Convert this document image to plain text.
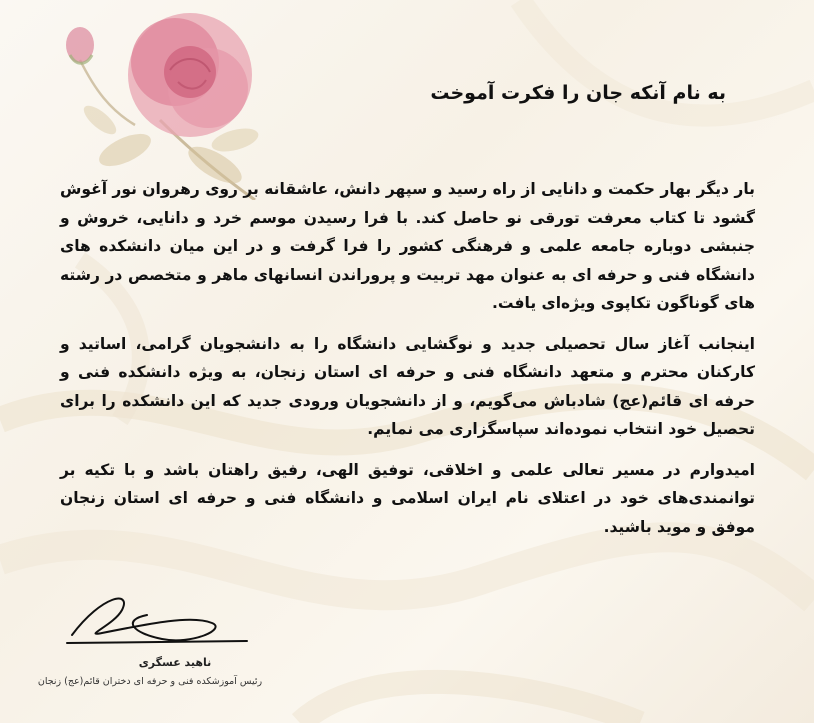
به نام آنکه جان را فکرت آموخت

بار دیگر بهار حکمت و دانایی از راه رسید و سپهر دانش، عاشقانه بر روی رهروان نور آغوش گشود تا کتاب معرفت تورقی نو حاصل کند. با فرا رسیدن موسم خرد و دانایی، خروش و جنبشی دوباره جامعه علمی و فرهنگی کشور را فرا گرفت و در این میان دانشکده های دانشگاه فنی و حرفه ای به عنوان مهد تربیت و پروراندن انسانهای ماهر و متخصص در رشته های گوناگون تکاپوی ویژه‌ای یافت.

اینجانب آغاز سال تحصیلی جدید و نوگشایی دانشگاه را به دانشجویان گرامی، اساتید و کارکنان محترم و متعهد دانشگاه فنی و حرفه ای استان زنجان، به ویژه دانشکده فنی و حرفه ای قائم(عج) شادباش می‌گویم، و از دانشجویان ورودی جدید که این دانشکده را برای تحصیل خود انتخاب نموده‌اند سپاسگزاری می نمایم.

امیدوارم در مسیر تعالی علمی و اخلاقی، توفیق الهی، رفیق راهتان باشد و با تکیه بر توانمندی‌های خود در اعتلای نام ایران اسلامی و دانشگاه فنی و حرفه ای استان زنجان موفق و موید باشید.

ناهید عسگری
رئیس آموزشکده فنی و حرفه ای دختران قائم(عج) زنجان
